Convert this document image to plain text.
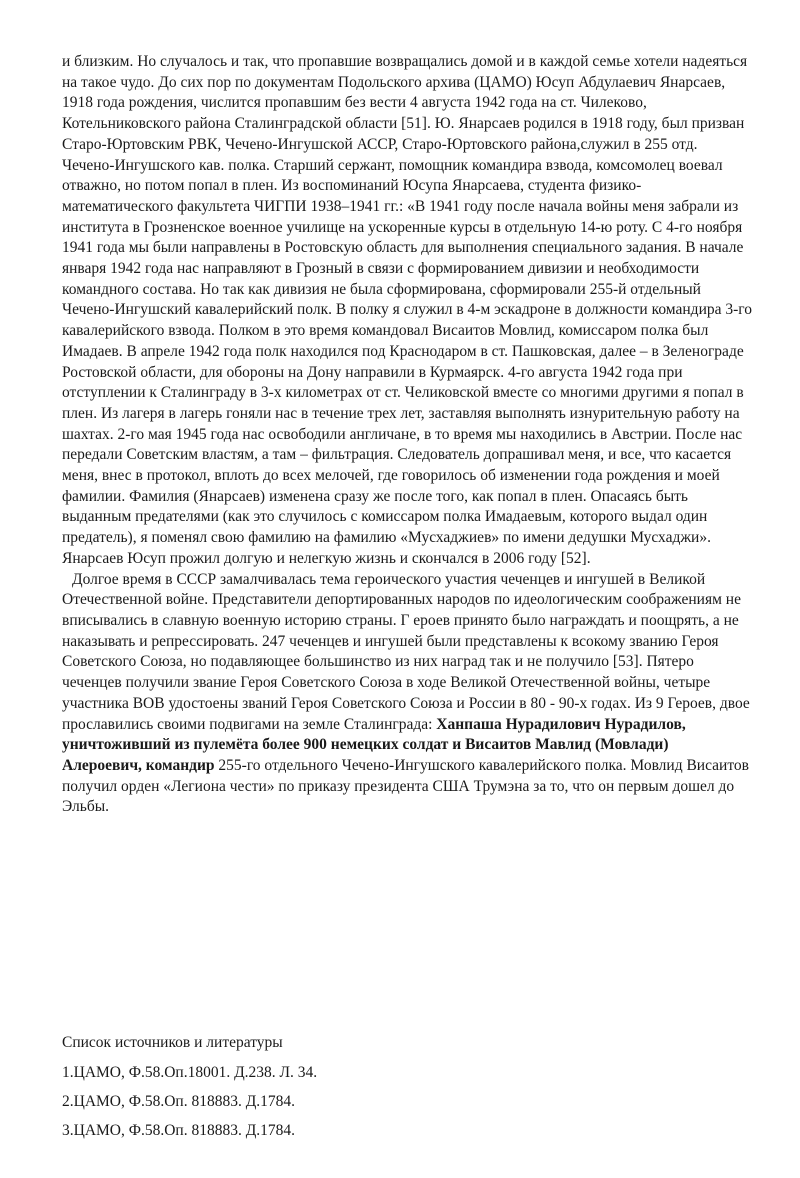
и близким. Но случалось и так, что пропавшие возвращались домой и в каждой семье хотели надеяться на такое чудо. До сих пор по документам Подольского архива (ЦАМО) Юсуп Абдулаевич Янарсаев, 1918 года рождения, числится пропавшим без вести 4 августа 1942 года на ст. Чилеково, Котельниковского района Сталинградской области [51]. Ю. Янарсаев родился в 1918 году, был призван Старо-Юртовским РВК, Чечено-Ингушской АССР, Старо-Юртовского района,служил в 255 отд. Чечено-Ингушского кав. полка. Старший сержант, помощник командира взвода, комсомолец воевал отважно, но потом попал в плен. Из воспоминаний Юсупа Янарсаева, студента физико-математического факультета ЧИГПИ 1938–1941 гг.: «В 1941 году после начала войны меня забрали из института в Грозненское военное училище на ускоренные курсы в отдельную 14-ю роту. С 4-го ноября 1941 года мы были направлены в Ростовскую область для выполнения специального задания. В начале января 1942 года нас направляют в Грозный в связи с формированием дивизии и необходимости командного состава. Но так как дивизия не была сформирована, сформировали 255-й отдельный Чечено-Ингушский кавалерийский полк. В полку я служил в 4-м эскадроне в должности командира 3-го кавалерийского взвода. Полком в это время командовал Висаитов Мовлид, комиссаром полка был Имадаев. В апреле 1942 года полк находился под Краснодаром в ст. Пашковская, далее – в Зеленограде Ростовской области, для обороны на Дону направили в Курмаярск. 4-го августа 1942 года при отступлении к Сталинграду в 3-х километрах от ст. Челиковской вместе со многими другими я попал в плен. Из лагеря в лагерь гоняли нас в течение трех лет, заставляя выполнять изнурительную работу на шахтах. 2-го мая 1945 года нас освободили англичане, в то время мы находились в Австрии. После нас передали Советским властям, а там – фильтрация. Следователь допрашивал меня, и все, что касается меня, внес в протокол, вплоть до всех мелочей, где говорилось об изменении года рождения и моей фамилии. Фамилия (Янарсаев) изменена сразу же после того, как попал в плен. Опасаясь быть выданным предателями (как это случилось с комиссаром полка Имадаевым, которого выдал один предатель), я поменял свою фамилию на фамилию «Мусхаджиев» по имени дедушки Мусхаджи». Янарсаев Юсуп прожил долгую и нелегкую жизнь и скончался в 2006 году [52].

Долгое время в СССР замалчивалась тема героического участия чеченцев и ингушей в Великой Отечественной войне. Представители депортированных народов по идеологическим соображениям не вписывались в славную военную историю страны. Г ероев принято было награждать и поощрять, а не наказывать и репрессировать. 247 чеченцев и ингушей были представлены к всокому званию Героя Советского Союза, но подавляющее большинство из них наград так и не получило [53]. Пятеро чеченцев получили звание Героя Советского Союза в ходе Великой Отечественной войны, четыре участника ВОВ удостоены званий Героя Советского Союза и России в 80 - 90-х годах. Из 9 Героев, двое прославились своими подвигами на земле Сталинграда: Ханпаша Нурадилович Нурадилов, уничтоживший из пулемёта более 900 немецких солдат и Висаитов Мавлид (Мовлади) Алероевич, командир 255-го отдельного Чечено-Ингушского кавалерийского полка. Мовлид Висаитов получил орден «Легиона чести» по приказу президента США Трумэна за то, что он первым дошел до Эльбы.

Список источников и литературы

1.ЦАМО, Ф.58.Оп.18001. Д.238. Л. 34.

2.ЦАМО, Ф.58.Оп. 818883. Д.1784.

3.ЦАМО, Ф.58.Оп. 818883. Д.1784.
